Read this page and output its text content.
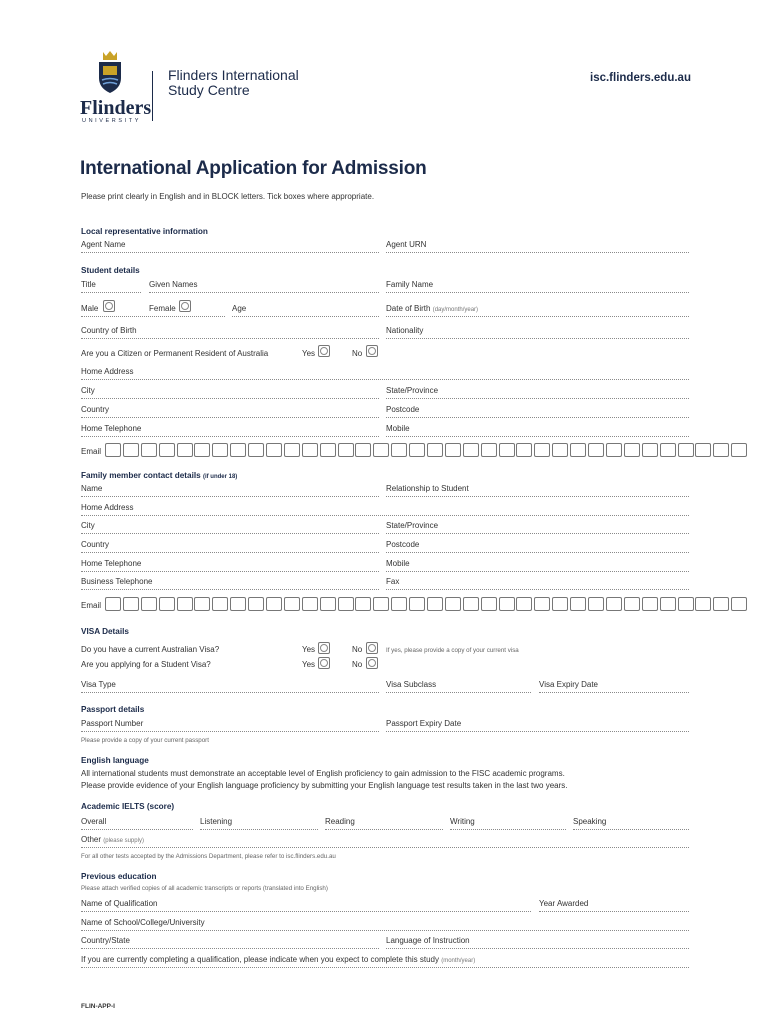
Flinders
UNIVERSITY
Flinders International
Study Centre
isc.flinders.edu.au
International Application for Admission
Please print clearly in English and in BLOCK letters. Tick boxes where appropriate.
Local representative information
Agent Name	Agent URN
Student details
Title	Given Names	Family Name
Male	Female	Age	Date of Birth (day/month/year)
Country of Birth	Nationality
Are you a Citizen or Permanent Resident of Australia	Yes	No
Home Address
City	State/Province
Country	Postcode
Home Telephone	Mobile
Email
Family member contact details (if under 18)
Name	Relationship to Student
Home Address
City	State/Province
Country	Postcode
Home Telephone	Mobile
Business Telephone	Fax
Email
VISA Details
Do you have a current Australian Visa?	Yes	No	If yes, please provide a copy of your current visa
Are you applying for a Student Visa?	Yes	No
Visa Type	Visa Subclass	Visa Expiry Date
Passport details
Passport Number	Passport Expiry Date
Please provide a copy of your current passport
English language
All international students must demonstrate an acceptable level of English proficiency to gain admission to the FISC academic programs.
Please provide evidence of your English language proficiency by submitting your English language test results taken in the last two years.
Academic IELTS (score)
Overall	Listening	Reading	Writing	Speaking
Other (please supply)
For all other tests accepted by the Admissions Department, please refer to isc.flinders.edu.au
Previous education
Please attach verified copies of all academic transcripts or reports (translated into English)
Name of Qualification	Year Awarded
Name of School/College/University
Country/State	Language of Instruction
If you are currently completing a qualification, please indicate when you expect to complete this study (month/year)
FLIN-APP-I
